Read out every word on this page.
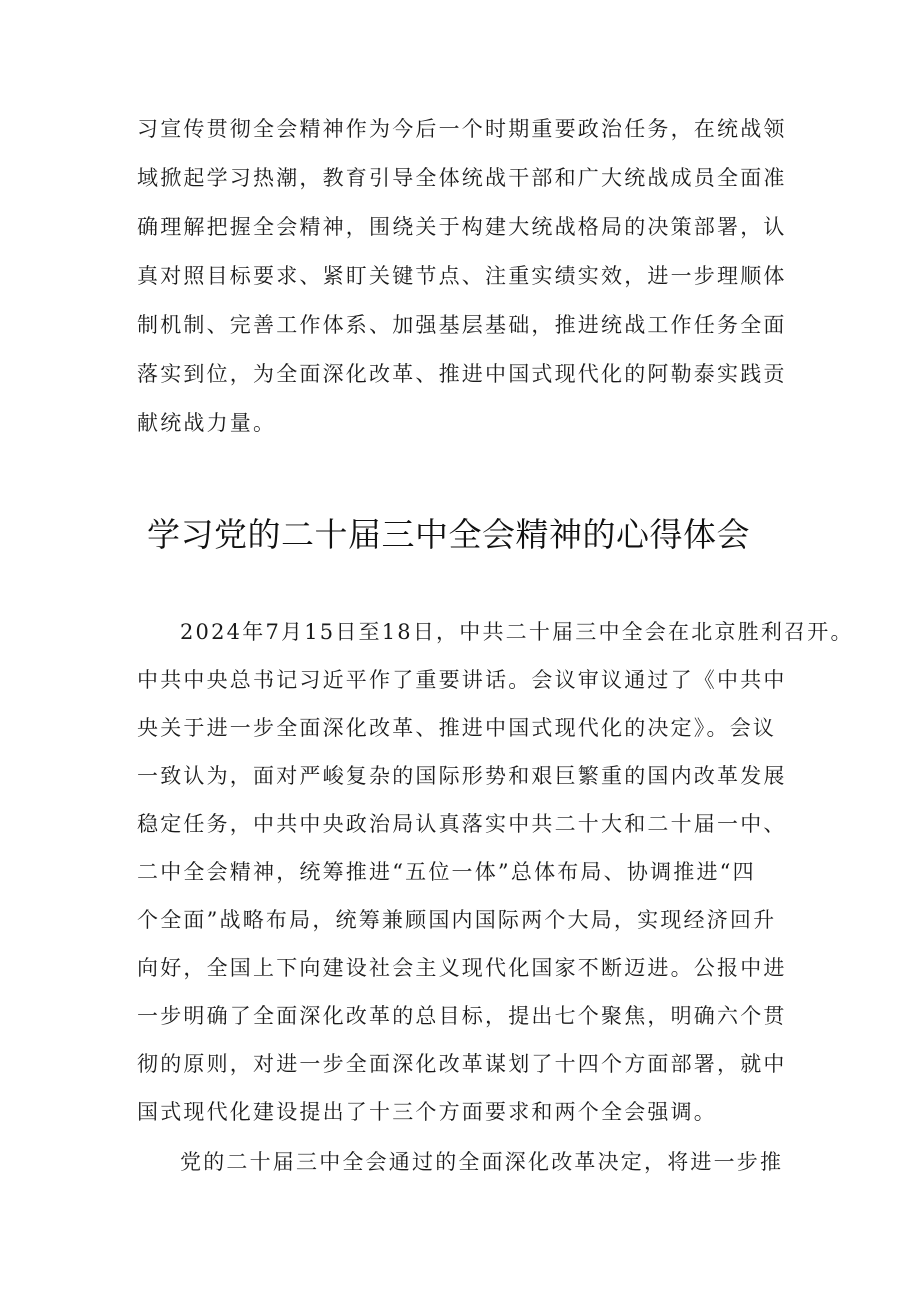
习宣传贯彻全会精神作为今后一个时期重要政治任务，在统战领
域掀起学习热潮，教育引导全体统战干部和广大统战成员全面准
确理解把握全会精神，围绕关于构建大统战格局的决策部署，认
真对照目标要求、紧盯关键节点、注重实绩实效，进一步理顺体
制机制、完善工作体系、加强基层基础，推进统战工作任务全面
落实到位，为全面深化改革、推进中国式现代化的阿勒泰实践贡
献统战力量。
学习党的二十届三中全会精神的心得体会
2024年7月15日至18日，中共二十届三中全会在北京胜利召开。
中共中央总书记习近平作了重要讲话。会议审议通过了《中共中
央关于进一步全面深化改革、推进中国式现代化的决定》。会议
一致认为，面对严峻复杂的国际形势和艰巨繁重的国内改革发展
稳定任务，中共中央政治局认真落实中共二十大和二十届一中、
二中全会精神，统筹推进“五位一体”总体布局、协调推进“四
个全面”战略布局，统筹兼顾国内国际两个大局，实现经济回升
向好，全国上下向建设社会主义现代化国家不断迈进。公报中进
一步明确了全面深化改革的总目标，提出七个聚焦，明确六个贯
彻的原则，对进一步全面深化改革谋划了十四个方面部署，就中
国式现代化建设提出了十三个方面要求和两个全会强调。
党的二十届三中全会通过的全面深化改革决定，将进一步推
